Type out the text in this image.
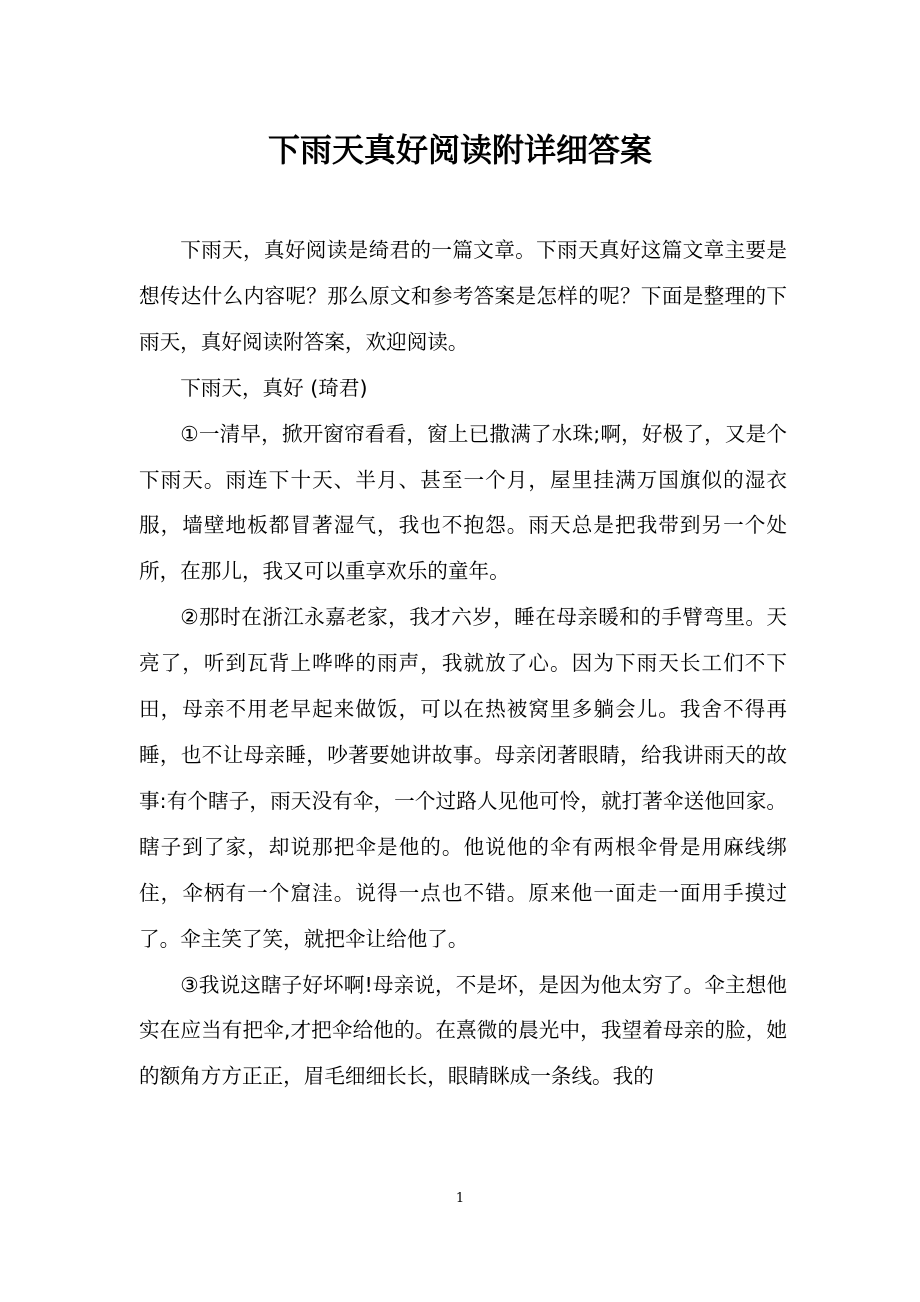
下雨天真好阅读附详细答案

下雨天，真好阅读是绮君的一篇文章。下雨天真好这篇文章主要是想传达什么内容呢？那么原文和参考答案是怎样的呢？下面是整理的下雨天，真好阅读附答案，欢迎阅读。

下雨天，真好 (琦君)

①一清早，掀开窗帘看看，窗上已撒满了水珠;啊，好极了，又是个下雨天。雨连下十天、半月、甚至一个月，屋里挂满万国旗似的湿衣服，墙壁地板都冒著湿气，我也不抱怨。雨天总是把我带到另一个处所，在那儿，我又可以重享欢乐的童年。

②那时在浙江永嘉老家，我才六岁，睡在母亲暖和的手臂弯里。天亮了，听到瓦背上哗哗的雨声，我就放了心。因为下雨天长工们不下田，母亲不用老早起来做饭，可以在热被窝里多躺会儿。我舍不得再睡，也不让母亲睡，吵著要她讲故事。母亲闭著眼睛，给我讲雨天的故事:有个瞎子，雨天没有伞，一个过路人见他可怜，就打著伞送他回家。瞎子到了家，却说那把伞是他的。他说他的伞有两根伞骨是用麻线绑住，伞柄有一个窟洼。说得一点也不错。原来他一面走一面用手摸过了。伞主笑了笑，就把伞让给他了。

③我说这瞎子好坏啊!母亲说，不是坏，是因为他太穷了。伞主想他实在应当有把伞,才把伞给他的。在熹微的晨光中，我望着母亲的脸，她的额角方方正正，眉毛细细长长，眼睛眯成一条线。我的

1
